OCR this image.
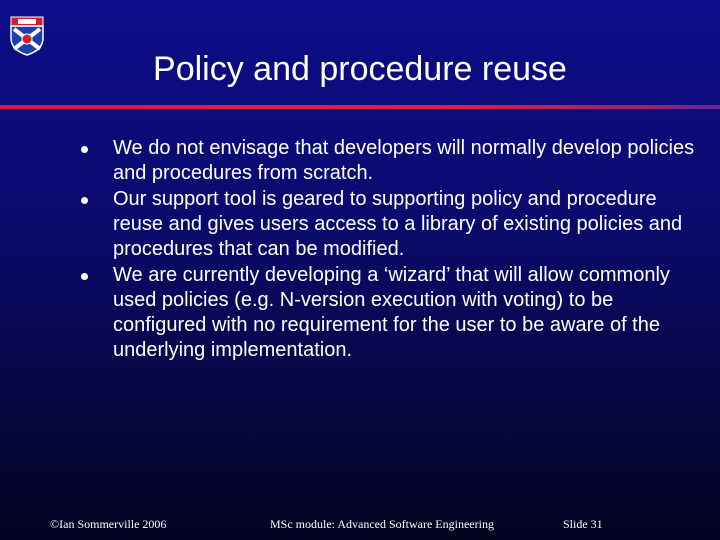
Policy and procedure reuse
We do not envisage that developers will normally develop policies and procedures from scratch.
Our support tool is geared to supporting policy and procedure reuse and gives users access to a library of existing policies and procedures that can be modified.
We are currently developing a ‘wizard’ that will allow commonly used policies (e.g. N-version execution with voting) to be configured with no requirement for the user to be aware of the underlying implementation.
©Ian Sommerville 2006	MSc module: Advanced Software Engineering	Slide 31
